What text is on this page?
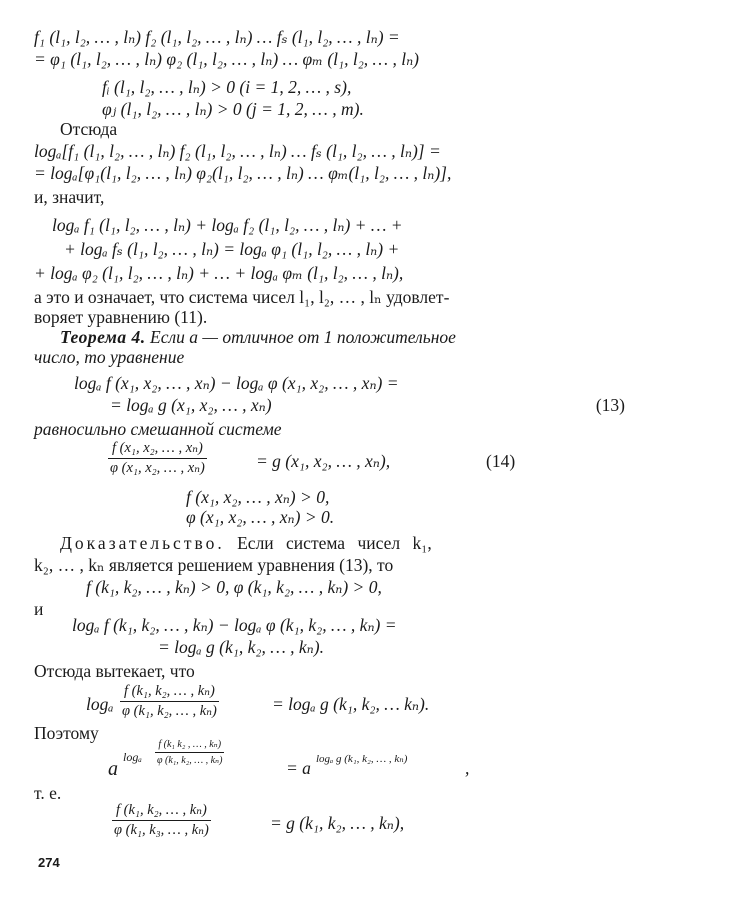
f₁ (l₁, l₂, … , lₙ) f₂ (l₁, l₂, … , lₙ) … fₛ (l₁, l₂, … , lₙ) =
= φ₁ (l₁, l₂, … , lₙ) φ₂ (l₁, l₂, … , lₙ) … φₘ (l₁, l₂, … , lₙ)
fᵢ (l₁, l₂, … , lₙ) > 0 (i = 1, 2, … , s),
φⱼ (l₁, l₂, … , lₙ) > 0 (j = 1, 2, … , m).
Отсюда
logₐ[f₁ (l₁, l₂, … , lₙ) f₂ (l₁, l₂, … , lₙ) … fₛ (l₁, l₂, … , lₙ)] =
= logₐ[φ₁(l₁, l₂, … , lₙ) φ₂(l₁, l₂, … , lₙ) … φₘ(l₁, l₂, … , lₙ)],
и, значит,
logₐ f₁ (l₁, l₂, … , lₙ) + logₐ f₂ (l₁, l₂, … , lₙ) + … +
+ logₐ fₛ (l₁, l₂, … , lₙ) = logₐ φ₁ (l₁, l₂, … , lₙ) +
+ logₐ φ₂ (l₁, l₂, … , lₙ) + … + logₐ φₘ (l₁, l₂, … , lₙ),
а это и означает, что система чисел l₁, l₂, … , lₙ удовлет-
воряет уравнению (11).
Теорема 4. Если a — отличное от 1 положительное
число, то уравнение
logₐ f (x₁, x₂, … , xₙ) − logₐ φ (x₁, x₂, … , xₙ) =
= logₐ g (x₁, x₂, … , xₙ)	(13)
равносильно смешанной системе
$\frac{\text{f (x₁, x₂, … , xₙ)}}{\text{φ (x₁, x₂, … , xₙ)}}$	= g (x₁, x₂, … , xₙ),	(14)
f (x₁, x₂, … , xₙ) > 0,
φ (x₁, x₂, … , xₙ) > 0.
Доказательство. Если система чисел k₁,
k₂, … , kₙ является решением уравнения (13), то
f (k₁, k₂, … , kₙ) > 0, φ (k₁, k₂, … , kₙ) > 0,
и
logₐ f (k₁, k₂, … , kₙ) − logₐ φ (k₁, k₂, … , kₙ) =
= logₐ g (k₁, k₂, … , kₙ).
Отсюда вытекает, что
logₐ $\frac{\text{f (k₁, k₂, … , kₙ)}}{\text{φ (k₁, k₂, … , kₙ)}}$	= logₐ g (k₁, k₂, … kₙ).
Поэтому
a
logₐ $\frac{\text{f (k₁ k₂ , … , kₙ)}}{\text{φ (k₁, k₂, … , kₙ)}}$
= a logₐ g (k₁, k₂, … , kₙ)	,
т. е.
$\frac{\text{f (k₁, k₂, … , kₙ)}}{\text{φ (k₁, k₃, … , kₙ)}}$	= g (k₁, k₂, … , kₙ),
274
